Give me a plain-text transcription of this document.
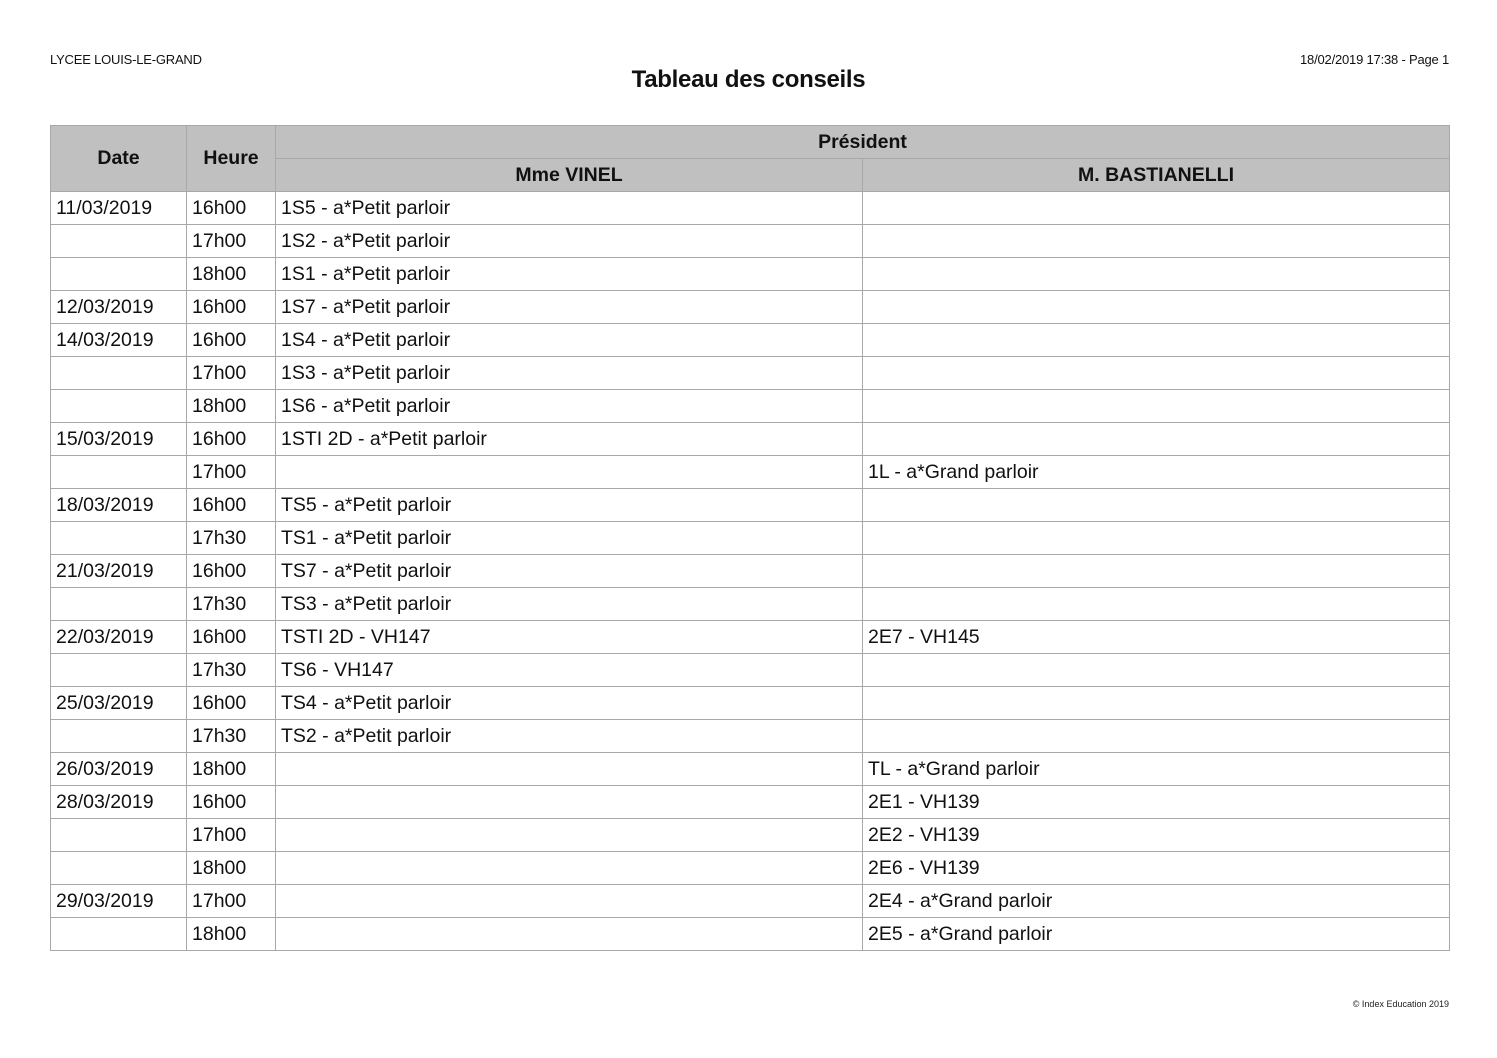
LYCEE LOUIS-LE-GRAND	18/02/2019 17:38 - Page 1
Tableau des conseils
Date	Heure	Président	
		Mme VINEL	M. BASTIANELLI
11/03/2019	16h00	1S5 - a*Petit parloir	
	17h00	1S2 - a*Petit parloir	
	18h00	1S1 - a*Petit parloir	
12/03/2019	16h00	1S7 - a*Petit parloir	
14/03/2019	16h00	1S4 - a*Petit parloir	
	17h00	1S3 - a*Petit parloir	
	18h00	1S6 - a*Petit parloir	
15/03/2019	16h00	1STI 2D - a*Petit parloir	
	17h00		1L - a*Grand parloir
18/03/2019	16h00	TS5 - a*Petit parloir	
	17h30	TS1 - a*Petit parloir	
21/03/2019	16h00	TS7 - a*Petit parloir	
	17h30	TS3 - a*Petit parloir	
22/03/2019	16h00	TSTI 2D - VH147	2E7 - VH145
	17h30	TS6 - VH147	
25/03/2019	16h00	TS4 - a*Petit parloir	
	17h30	TS2 - a*Petit parloir	
26/03/2019	18h00		TL - a*Grand parloir
28/03/2019	16h00		2E1 - VH139
	17h00		2E2 - VH139
	18h00		2E6 - VH139
29/03/2019	17h00		2E4 - a*Grand parloir
	18h00		2E5 - a*Grand parloir
© Index Education 2019
